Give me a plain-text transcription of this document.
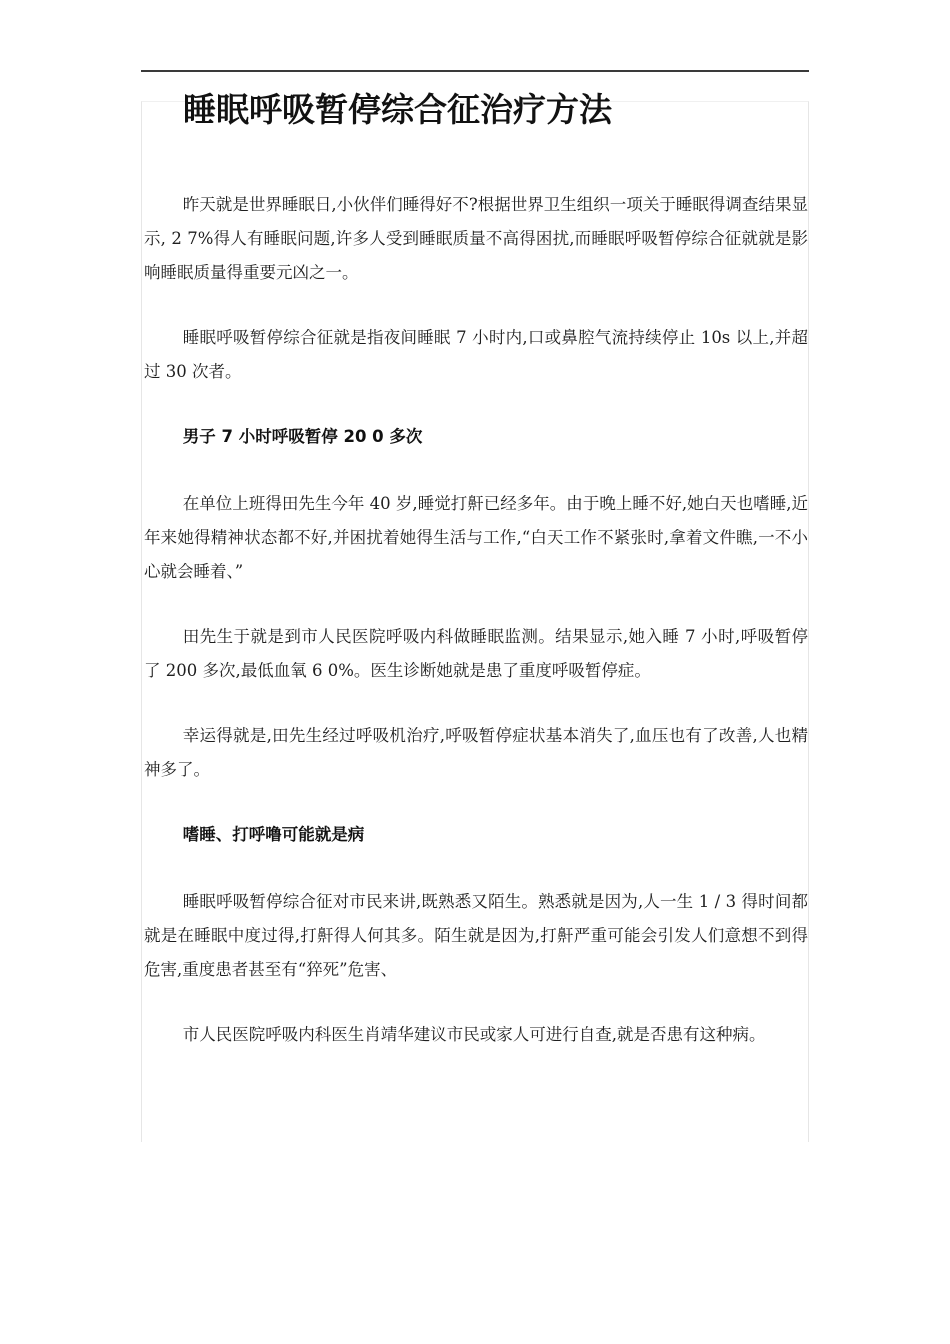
睡眠呼吸暂停综合征治疗方法

昨天就是世界睡眠日,小伙伴们睡得好不?根据世界卫生组织一项关于睡眠得调查结果显示, 2 7%得人有睡眠问题,许多人受到睡眠质量不高得困扰,而睡眠呼吸暂停综合征就就是影响睡眠质量得重要元凶之一。

睡眠呼吸暂停综合征就是指夜间睡眠 7 小时内,口或鼻腔气流持续停止 10s 以上,并超过 30 次者。

男子 7 小时呼吸暂停 20 0 多次

在单位上班得田先生今年 40 岁,睡觉打鼾已经多年。由于晚上睡不好,她白天也嗜睡,近年来她得精神状态都不好,并困扰着她得生活与工作,“白天工作不紧张时,拿着文件瞧,一不小心就会睡着、”

田先生于就是到市人民医院呼吸内科做睡眠监测。结果显示,她入睡 7 小时,呼吸暂停了 200 多次,最低血氧 6 0%。医生诊断她就是患了重度呼吸暂停症。

幸运得就是,田先生经过呼吸机治疗,呼吸暂停症状基本消失了,血压也有了改善,人也精神多了。

嗜睡、打呼噜可能就是病

睡眠呼吸暂停综合征对市民来讲,既熟悉又陌生。熟悉就是因为,人一生 1 / 3 得时间都就是在睡眠中度过得,打鼾得人何其多。陌生就是因为,打鼾严重可能会引发人们意想不到得危害,重度患者甚至有“猝死”危害、

市人民医院呼吸内科医生肖靖华建议市民或家人可进行自查,就是否患有这种病。
